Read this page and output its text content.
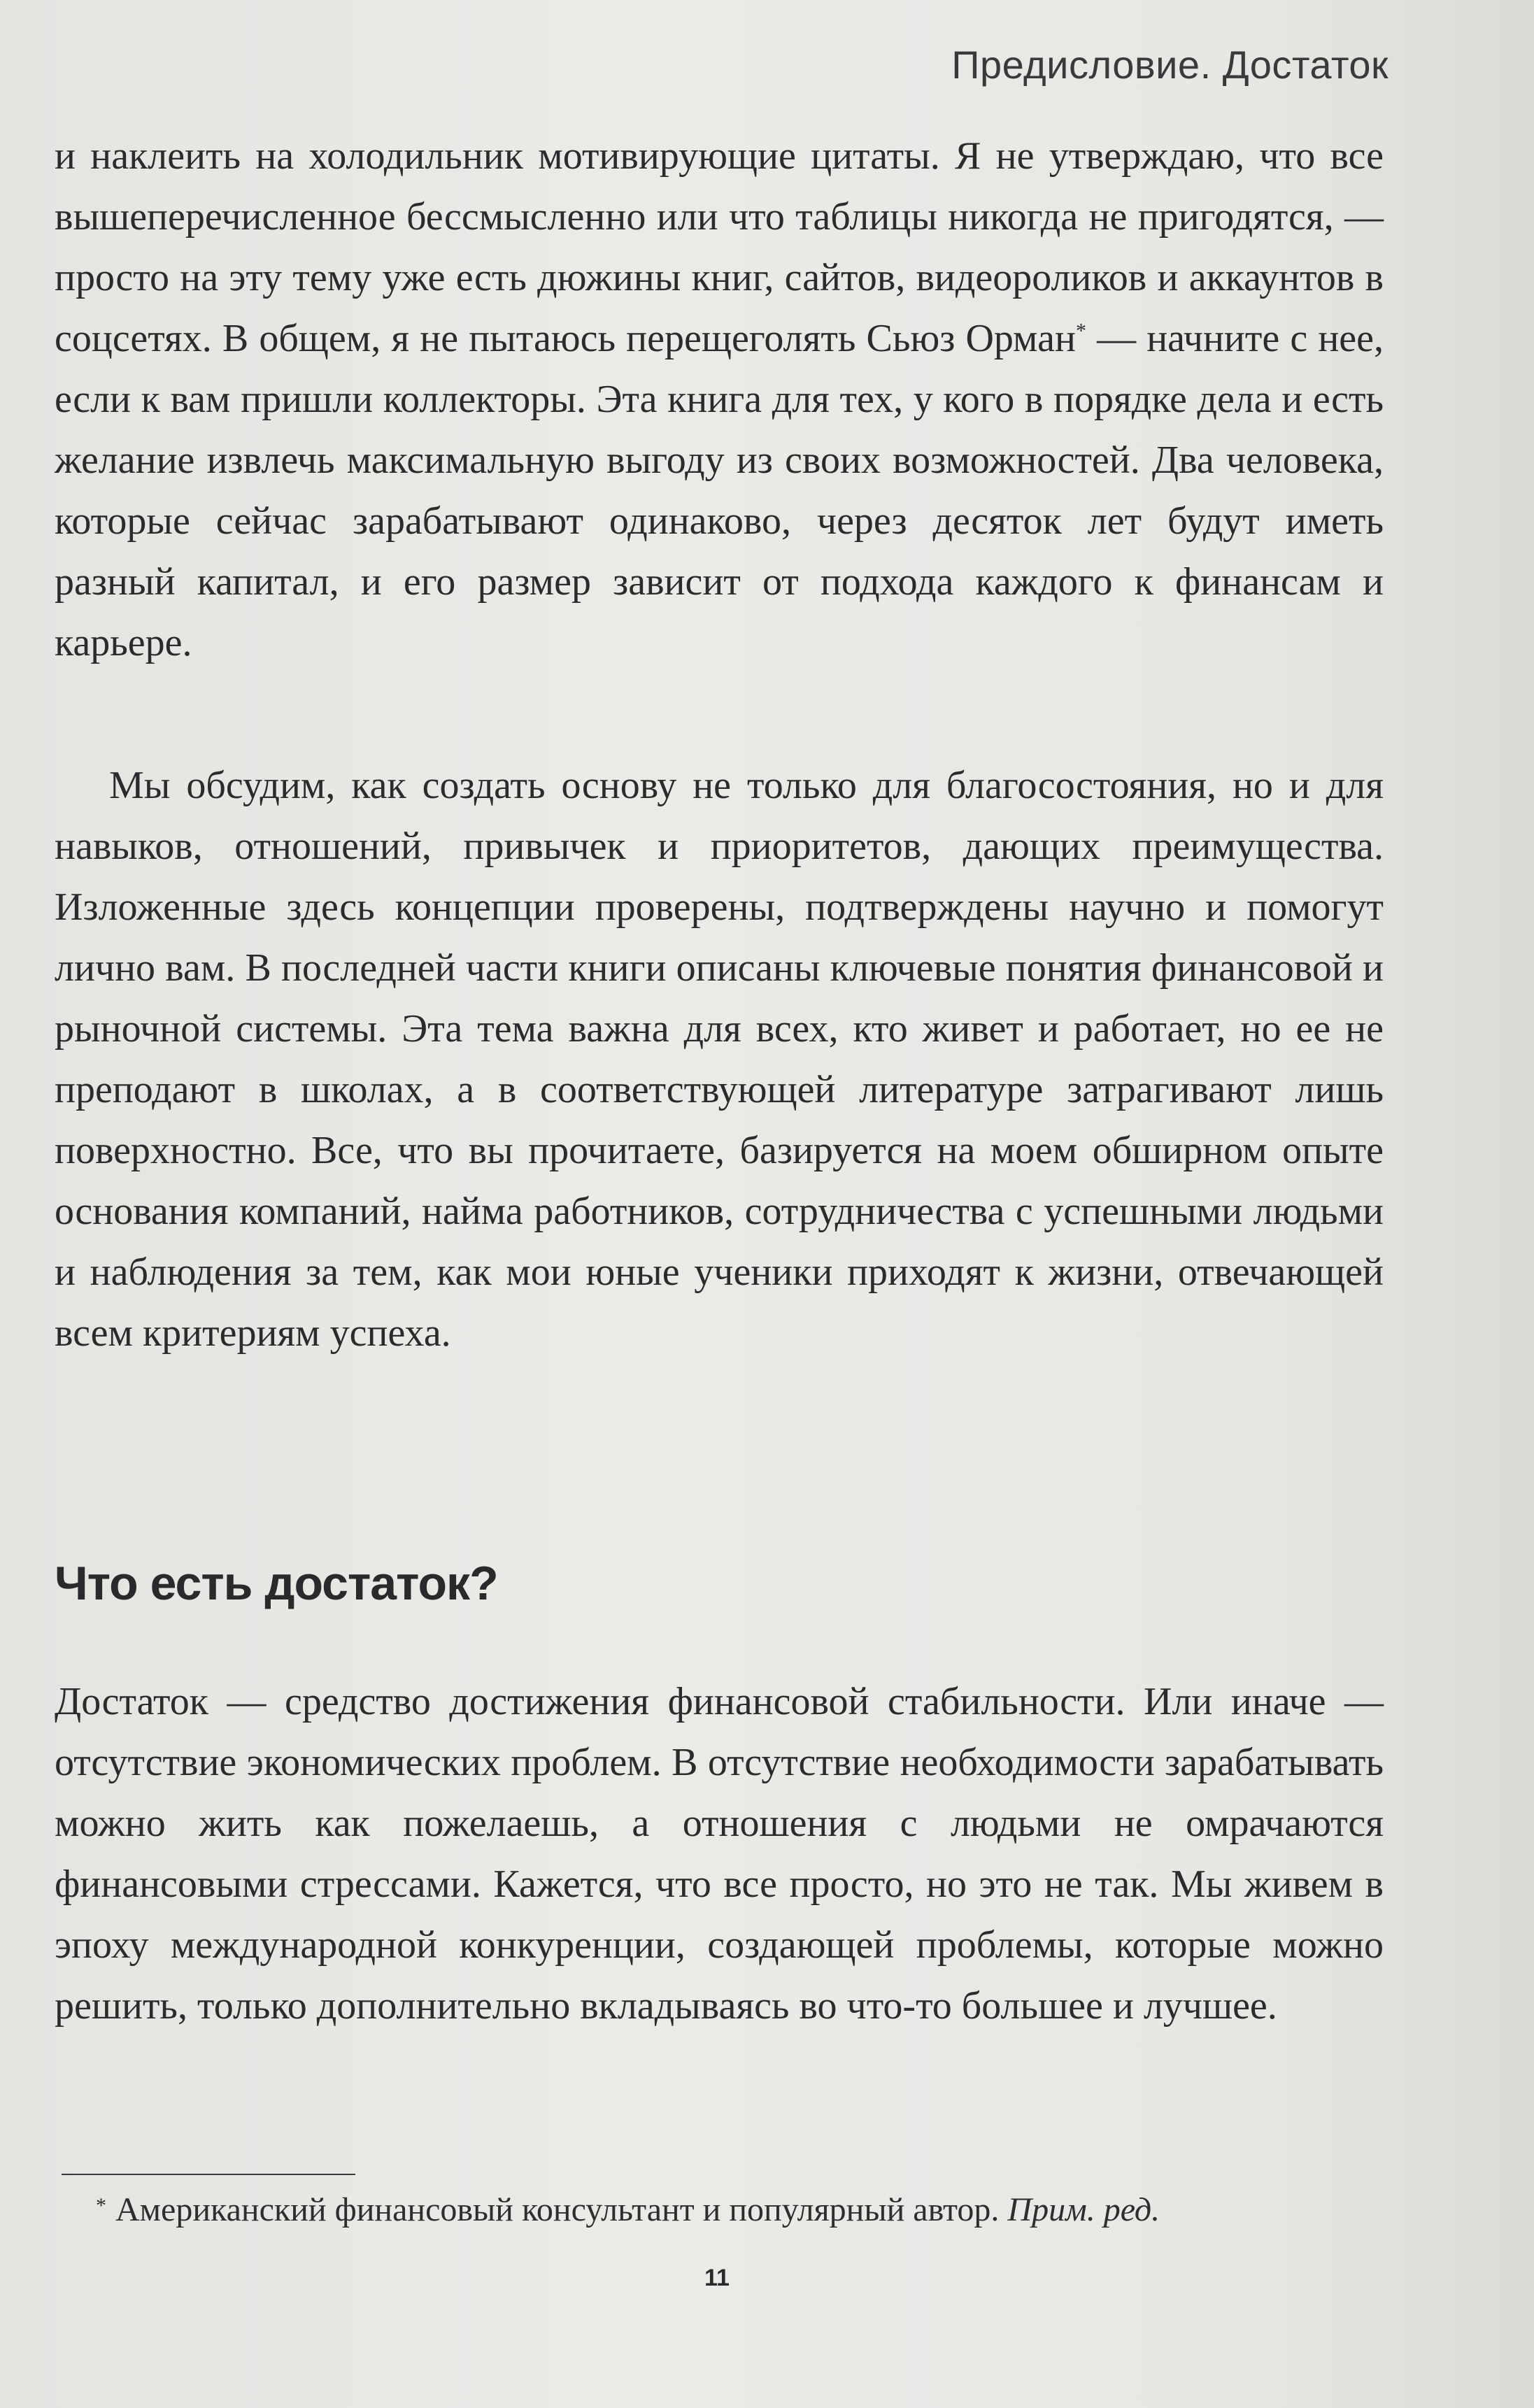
Предисловие. Достаток

и наклеить на холодильник мотивирующие цитаты. Я не утверждаю, что все вышеперечисленное бессмысленно или что таблицы никогда не пригодятся, — просто на эту тему уже есть дюжины книг, сайтов, видеороликов и аккаунтов в соцсетях. В общем, я не пытаюсь перещеголять Сьюз Орман* — начните с нее, если к вам пришли коллекторы. Эта книга для тех, у кого в порядке дела и есть желание извлечь максимальную выгоду из своих возможностей. Два человека, которые сейчас зарабатывают одинаково, через десяток лет будут иметь разный капитал, и его размер зависит от подхода каждого к финансам и карьере.

Мы обсудим, как создать основу не только для благосостояния, но и для навыков, отношений, привычек и приоритетов, дающих преимущества. Изложенные здесь концепции проверены, подтверждены научно и помогут лично вам. В последней части книги описаны ключевые понятия финансовой и рыночной системы. Эта тема важна для всех, кто живет и работает, но ее не преподают в школах, а в соответствующей литературе затрагивают лишь поверхностно. Все, что вы прочитаете, базируется на моем обширном опыте основания компаний, найма работников, сотрудничества с успешными людьми и наблюдения за тем, как мои юные ученики приходят к жизни, отвечающей всем критериям успеха.

Что есть достаток?

Достаток — средство достижения финансовой стабильности. Или иначе — отсутствие экономических проблем. В отсутствие необходимости зарабатывать можно жить как пожелаешь, а отношения с людьми не омрачаются финансовыми стрессами. Кажется, что все просто, но это не так. Мы живем в эпоху международной конкуренции, создающей проблемы, которые можно решить, только дополнительно вкладываясь во что-то большее и лучшее.

* Американский финансовый консультант и популярный автор. Прим. ред.
11
